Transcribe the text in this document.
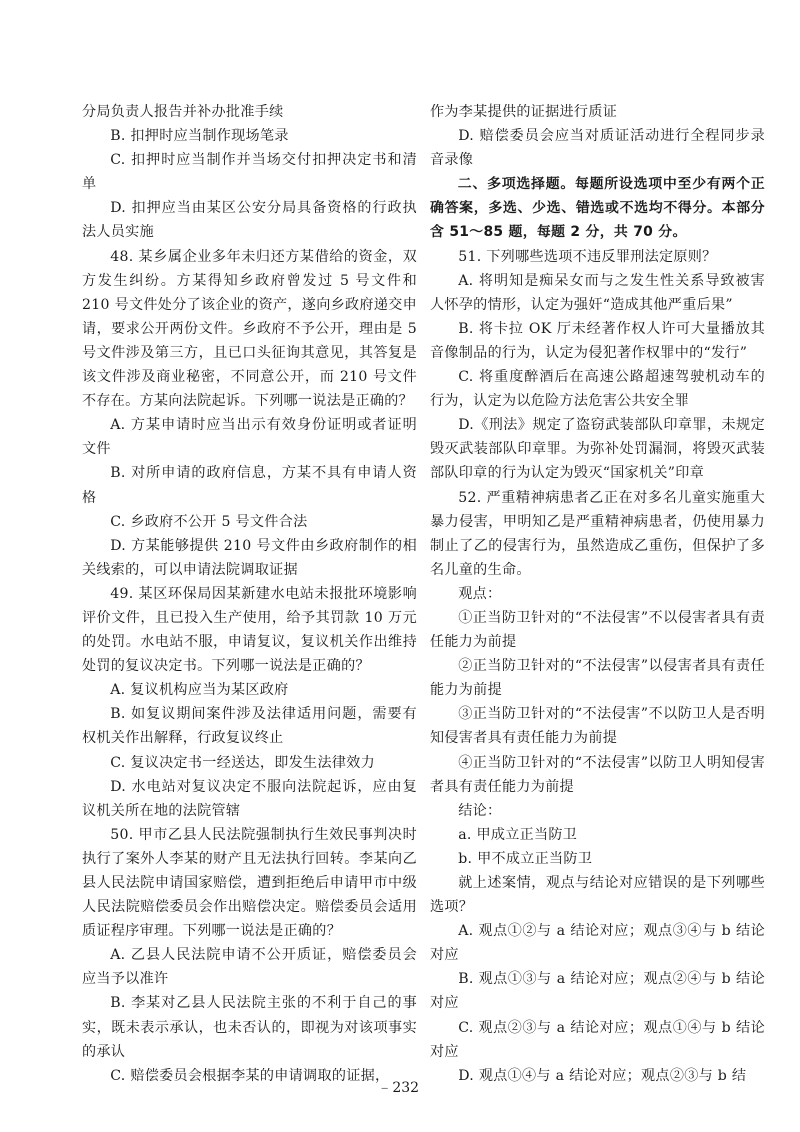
分局负责人报告并补办批准手续

B. 扣押时应当制作现场笔录

C. 扣押时应当制作并当场交付扣押决定书和清单

D. 扣押应当由某区公安分局具备资格的行政执法人员实施

48. 某乡属企业多年未归还方某借给的资金，双方发生纠纷。方某得知乡政府曾发过 5 号文件和 210 号文件处分了该企业的资产，遂向乡政府递交申请，要求公开两份文件。乡政府不予公开，理由是 5 号文件涉及第三方，且已口头征询其意见，其答复是该文件涉及商业秘密，不同意公开，而 210 号文件不存在。方某向法院起诉。下列哪一说法是正确的？

A. 方某申请时应当出示有效身份证明或者证明文件

B. 对所申请的政府信息，方某不具有申请人资格

C. 乡政府不公开 5 号文件合法

D. 方某能够提供 210 号文件由乡政府制作的相关线索的，可以申请法院调取证据

49. 某区环保局因某新建水电站未报批环境影响评价文件，且已投入生产使用，给予其罚款 10 万元的处罚。水电站不服，申请复议，复议机关作出维持处罚的复议决定书。下列哪一说法是正确的？

A. 复议机构应当为某区政府

B. 如复议期间案件涉及法律适用问题，需要有权机关作出解释，行政复议终止

C. 复议决定书一经送达，即发生法律效力

D. 水电站对复议决定不服向法院起诉，应由复议机关所在地的法院管辖

50. 甲市乙县人民法院强制执行生效民事判决时执行了案外人李某的财产且无法执行回转。李某向乙县人民法院申请国家赔偿，遭到拒绝后申请甲市中级人民法院赔偿委员会作出赔偿决定。赔偿委员会适用质证程序审理。下列哪一说法是正确的？

A. 乙县人民法院申请不公开质证，赔偿委员会应当予以准许

B. 李某对乙县人民法院主张的不利于自己的事实，既未表示承认，也未否认的，即视为对该项事实的承认

C. 赔偿委员会根据李某的申请调取的证据，

作为李某提供的证据进行质证

D. 赔偿委员会应当对质证活动进行全程同步录音录像

二、多项选择题。每题所设选项中至少有两个正确答案，多选、少选、错选或不选均不得分。本部分含 51～85 题，每题 2 分，共 70 分。

51. 下列哪些选项不违反罪刑法定原则？

A. 将明知是痴呆女而与之发生性关系导致被害人怀孕的情形，认定为强奸“造成其他严重后果”

B. 将卡拉 OK 厅未经著作权人许可大量播放其音像制品的行为，认定为侵犯著作权罪中的“发行”

C. 将重度醉酒后在高速公路超速驾驶机动车的行为，认定为以危险方法危害公共安全罪

D.《刑法》规定了盗窃武装部队印章罪，未规定毁灭武装部队印章罪。为弥补处罚漏洞，将毁灭武装部队印章的行为认定为毁灭“国家机关”印章

52. 严重精神病患者乙正在对多名儿童实施重大暴力侵害，甲明知乙是严重精神病患者，仍使用暴力制止了乙的侵害行为，虽然造成乙重伤，但保护了多名儿童的生命。

观点：

①正当防卫针对的“不法侵害”不以侵害者具有责任能力为前提

②正当防卫针对的“不法侵害”以侵害者具有责任能力为前提

③正当防卫针对的“不法侵害”不以防卫人是否明知侵害者具有责任能力为前提

④正当防卫针对的“不法侵害”以防卫人明知侵害者具有责任能力为前提

结论：

a. 甲成立正当防卫

b. 甲不成立正当防卫

就上述案情，观点与结论对应错误的是下列哪些选项？

A. 观点①②与 a 结论对应；观点③④与 b 结论对应

B. 观点①③与 a 结论对应；观点②④与 b 结论对应

C. 观点②③与 a 结论对应；观点①④与 b 结论对应

D. 观点①④与 a 结论对应；观点②③与 b 结

-- 232
